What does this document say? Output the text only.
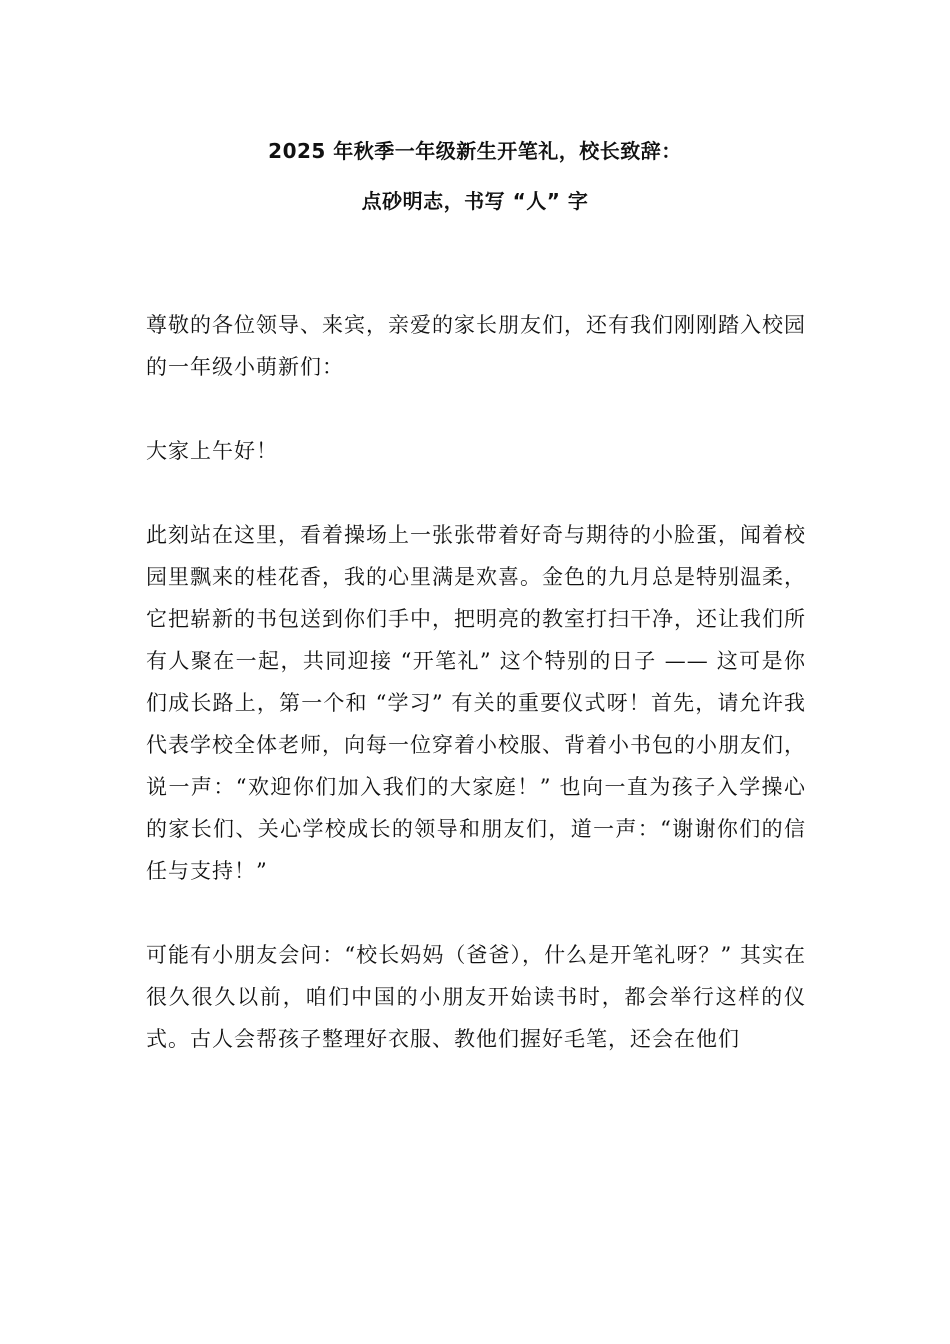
2025 年秋季一年级新生开笔礼，校长致辞：
点砂明志，书写 “人” 字

尊敬的各位领导、来宾，亲爱的家长朋友们，还有我们刚刚踏入校园的一年级小萌新们：

大家上午好！

此刻站在这里，看着操场上一张张带着好奇与期待的小脸蛋，闻着校园里飘来的桂花香，我的心里满是欢喜。金色的九月总是特别温柔，它把崭新的书包送到你们手中，把明亮的教室打扫干净，还让我们所有人聚在一起，共同迎接 “开笔礼” 这个特别的日子 —— 这可是你们成长路上，第一个和 “学习” 有关的重要仪式呀！首先，请允许我代表学校全体老师，向每一位穿着小校服、背着小书包的小朋友们，说一声：“欢迎你们加入我们的大家庭！” 也向一直为孩子入学操心的家长们、关心学校成长的领导和朋友们，道一声：“谢谢你们的信任与支持！”

可能有小朋友会问：“校长妈妈（爸爸），什么是开笔礼呀？” 其实在很久很久以前，咱们中国的小朋友开始读书时，都会举行这样的仪式。古人会帮孩子整理好衣服、教他们握好毛笔，还会在他们
